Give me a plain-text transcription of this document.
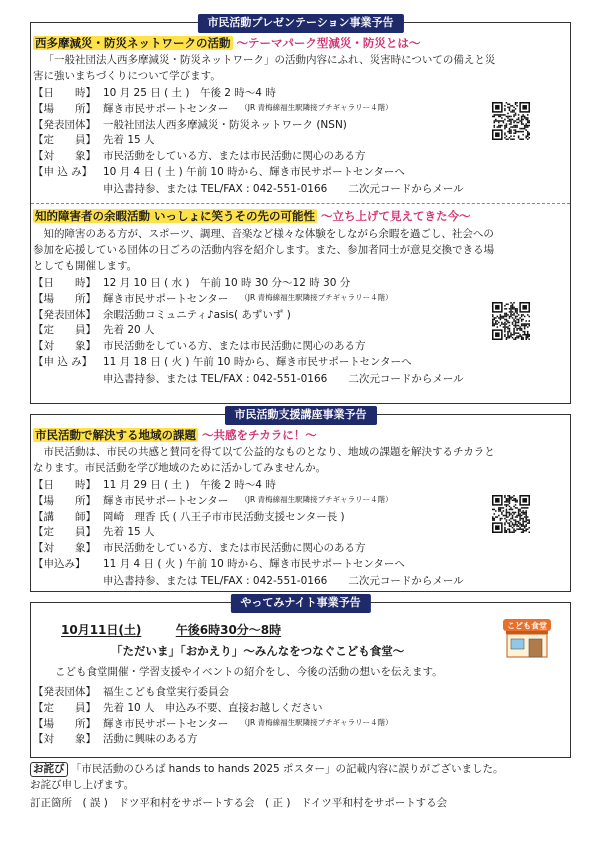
市民活動プレゼンテーション事業予告
西多摩減災・防災ネットワークの活動 ～テーマパーク型減災・防災とは～
「一般社団法人西多摩減災・防災ネットワーク」の活動内容にふれ、災害時についての備えと災
害に強いまちづくりについて学びます。
【日　　時】 10 月 25 日 ( 土 )　午後 2 時～4 時
【場　　所】 輝き市民サポートセンター （JR 青梅線福生駅隣接プチギャラリー４階）
【発表団体】 一般社団法人西多摩減災・防災ネットワーク (NSN)
【定　　員】 先着 15 人
【対　　象】 市民活動をしている方、または市民活動に関心のある方
【申 込 み】	10 月 4 日 ( 土 ) 午前 10 時から、輝き市民サポートセンターへ
申込書持参、または TEL/FAX : 042-551-0166　　二次元コードからメール
知的障害者の余暇活動 いっしょに笑うその先の可能性 ～立ち上げて見えてきた今～
知的障害のある方が、スポーツ、調理、音楽など様々な体験をしながら余暇を過ごし、社会への
参加を応援している団体の日ごろの活動内容を紹介します。また、参加者同士が意見交換できる場
としても開催します。
【日　　時】 12 月 10 日 ( 水 )　午前 10 時 30 分～12 時 30 分
【場　　所】 輝き市民サポートセンター （JR 青梅線福生駅隣接プチギャラリー４階）
【発表団体】 余暇活動コミュニティ♪asis( あずいず )
【定　　員】 先着 20 人
【対　　象】 市民活動をしている方、または市民活動に関心のある方
【申 込 み】	11 月 18 日 ( 火 ) 午前 10 時から、輝き市民サポートセンターへ
申込書持参、または TEL/FAX : 042-551-0166　　二次元コードからメール
市民活動支援講座事業予告
市民活動で解決する地域の課題 ～共感をチカラに！～
市民活動は、市民の共感と賛同を得て以て公益的なものとなり、地域の課題を解決するチカラと
なります。市民活動を学び地域のために活かしてみませんか。
【日　　時】 11 月 29 日 ( 土 )　午後 2 時～4 時
【場　　所】 輝き市民サポートセンター （JR 青梅線福生駅隣接プチギャラリー４階）
【講　　師】 岡崎　理香 氏 ( 八王子市市民活動支援センター長 )
【定　　員】 先着 15 人
【対　　象】 市民活動をしている方、または市民活動に関心のある方
【申込み】	11 月 4 日 ( 火 ) 午前 10 時から、輝き市民サポートセンターへ
申込書持参、または TEL/FAX : 042-551-0166　　二次元コードからメール
やってみナイト事業予告
10月11日(土)	午後6時30分～8時
「ただいま」「おかえり」～みんなをつなぐこども食堂～
こども食堂開催・学習支援やイベントの紹介をし、今後の活動の想いを伝えます。
【発表団体】 福生こども食堂実行委員会
【定　　員】 先着 10 人　申込み不要、直接お越しください
【場　　所】 輝き市民サポートセンター （JR 青梅線福生駅隣接プチギャラリー４階）
【対　　象】 活動に興味のある方
こども食堂
お詫び 「市民活動のひろば hands to hands 2025 ポスター」の記載内容に誤りがございました。
お詫び申し上げます。
訂正箇所　( 誤 )　ドツ平和村をサポートする会　( 正 )　ドイツ平和村をサポートする会
